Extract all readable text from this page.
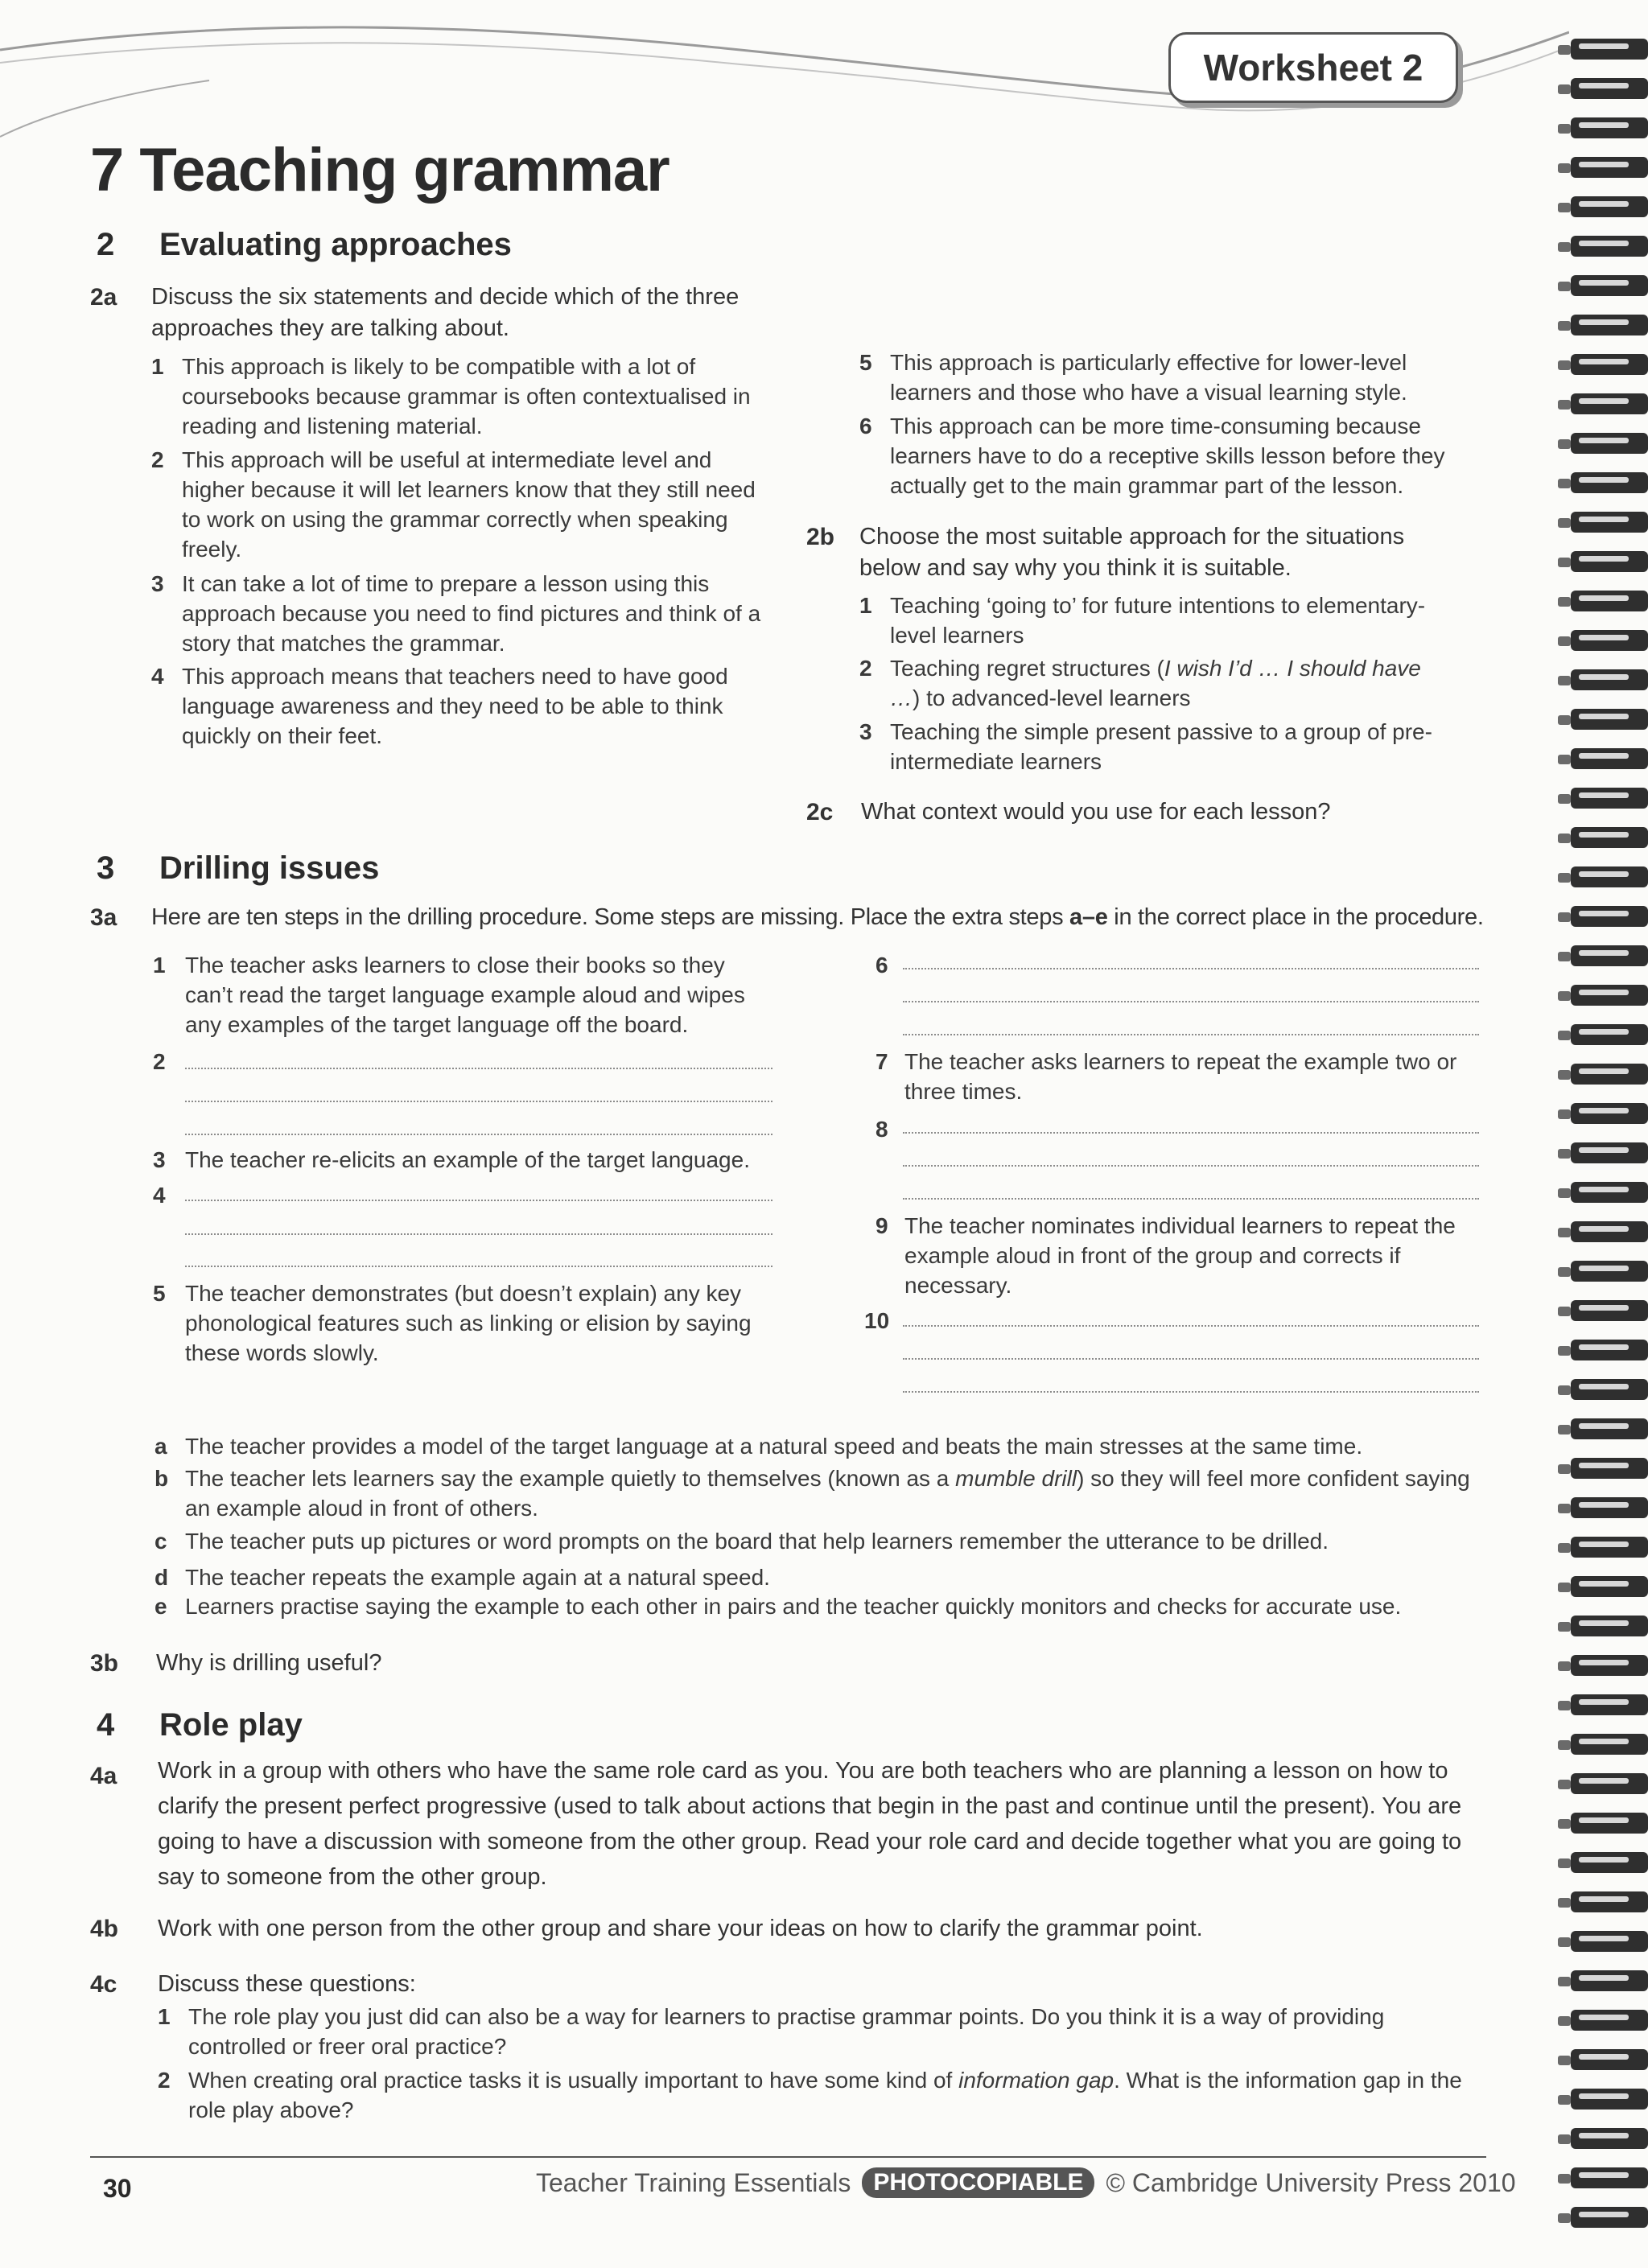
Worksheet 2
7 Teaching grammar
2 Evaluating approaches
2a Discuss the six statements and decide which of the three approaches they are talking about.
1 This approach is likely to be compatible with a lot of coursebooks because grammar is often contextualised in reading and listening material.
2 This approach will be useful at intermediate level and higher because it will let learners know that they still need to work on using the grammar correctly when speaking freely.
3 It can take a lot of time to prepare a lesson using this approach because you need to find pictures and think of a story that matches the grammar.
4 This approach means that teachers need to have good language awareness and they need to be able to think quickly on their feet.
5 This approach is particularly effective for lower-level learners and those who have a visual learning style.
6 This approach can be more time-consuming because learners have to do a receptive skills lesson before they actually get to the main grammar part of the lesson.
2b Choose the most suitable approach for the situations below and say why you think it is suitable.
1 Teaching ‘going to’ for future intentions to elementary-level learners
2 Teaching regret structures (I wish I’d … I should have …) to advanced-level learners
3 Teaching the simple present passive to a group of pre-intermediate learners
2c What context would you use for each lesson?
3 Drilling issues
3a Here are ten steps in the drilling procedure. Some steps are missing. Place the extra steps a–e in the correct place in the procedure.
1 The teacher asks learners to close their books so they can’t read the target language example aloud and wipes any examples of the target language off the board.
2
3 The teacher re-elicits an example of the target language.
4
5 The teacher demonstrates (but doesn’t explain) any key phonological features such as linking or elision by saying these words slowly.
6
7 The teacher asks learners to repeat the example two or three times.
8
9 The teacher nominates individual learners to repeat the example aloud in front of the group and corrects if necessary.
10
a The teacher provides a model of the target language at a natural speed and beats the main stresses at the same time.
b The teacher lets learners say the example quietly to themselves (known as a mumble drill) so they will feel more confident saying an example aloud in front of others.
c The teacher puts up pictures or word prompts on the board that help learners remember the utterance to be drilled.
d The teacher repeats the example again at a natural speed.
e Learners practise saying the example to each other in pairs and the teacher quickly monitors and checks for accurate use.
3b Why is drilling useful?
4 Role play
4a Work in a group with others who have the same role card as you. You are both teachers who are planning a lesson on how to clarify the present perfect progressive (used to talk about actions that begin in the past and continue until the present). You are going to have a discussion with someone from the other group. Read your role card and decide together what you are going to say to someone from the other group.
4b Work with one person from the other group and share your ideas on how to clarify the grammar point.
4c Discuss these questions:
1 The role play you just did can also be a way for learners to practise grammar points. Do you think it is a way of providing controlled or freer oral practice?
2 When creating oral practice tasks it is usually important to have some kind of information gap. What is the information gap in the role play above?
30	Teacher Training Essentials PHOTOCOPIABLE © Cambridge University Press 2010
